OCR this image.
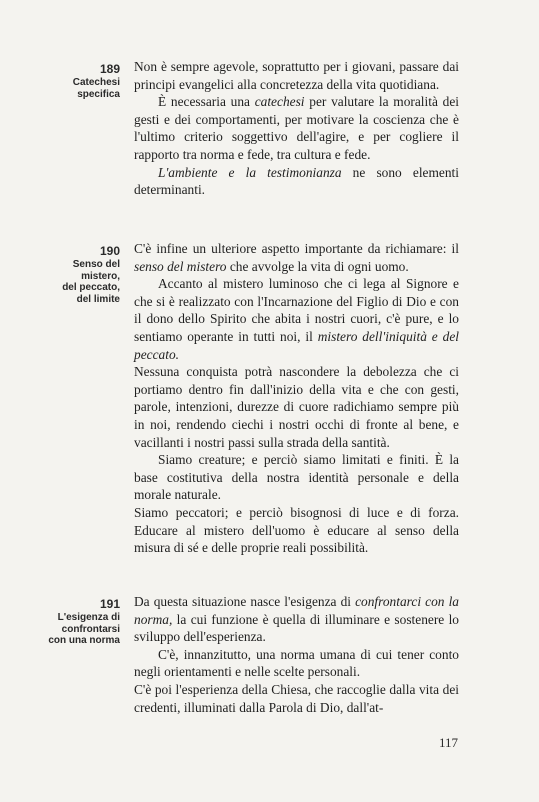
189
Catechesi
specifica

Non è sempre agevole, soprattutto per i giovani, passare dai principi evangelici alla concretezza della vita quotidiana.

È necessaria una catechesi per valutare la moralità dei gesti e dei comportamenti, per motivare la coscienza che è l'ultimo criterio soggettivo dell'agire, e per cogliere il rapporto tra norma e fede, tra cultura e fede.

L'ambiente e la testimonianza ne sono elementi determinanti.

190
Senso del
mistero,
del peccato,
del limite

C'è infine un ulteriore aspetto importante da richiamare: il senso del mistero che avvolge la vita di ogni uomo.

Accanto al mistero luminoso che ci lega al Signore e che si è realizzato con l'Incarnazione del Figlio di Dio e con il dono dello Spirito che abita i nostri cuori, c'è pure, e lo sentiamo operante in tutti noi, il mistero dell'iniquità e del peccato.

Nessuna conquista potrà nascondere la debolezza che ci portiamo dentro fin dall'inizio della vita e che con gesti, parole, intenzioni, durezze di cuore radichiamo sempre più in noi, rendendo ciechi i nostri occhi di fronte al bene, e vacillanti i nostri passi sulla strada della santità.

Siamo creature; e perciò siamo limitati e finiti. È la base costitutiva della nostra identità personale e della morale naturale.

Siamo peccatori; e perciò bisognosi di luce e di forza. Educare al mistero dell'uomo è educare al senso della misura di sé e delle proprie reali possibilità.

191
L'esigenza di
confrontarsi
con una norma

Da questa situazione nasce l'esigenza di confrontarci con la norma, la cui funzione è quella di illuminare e sostenere lo sviluppo dell'esperienza.

C'è, innanzitutto, una norma umana di cui tener conto negli orientamenti e nelle scelte personali.

C'è poi l'esperienza della Chiesa, che raccoglie dalla vita dei credenti, illuminati dalla Parola di Dio, dall'at-

117
